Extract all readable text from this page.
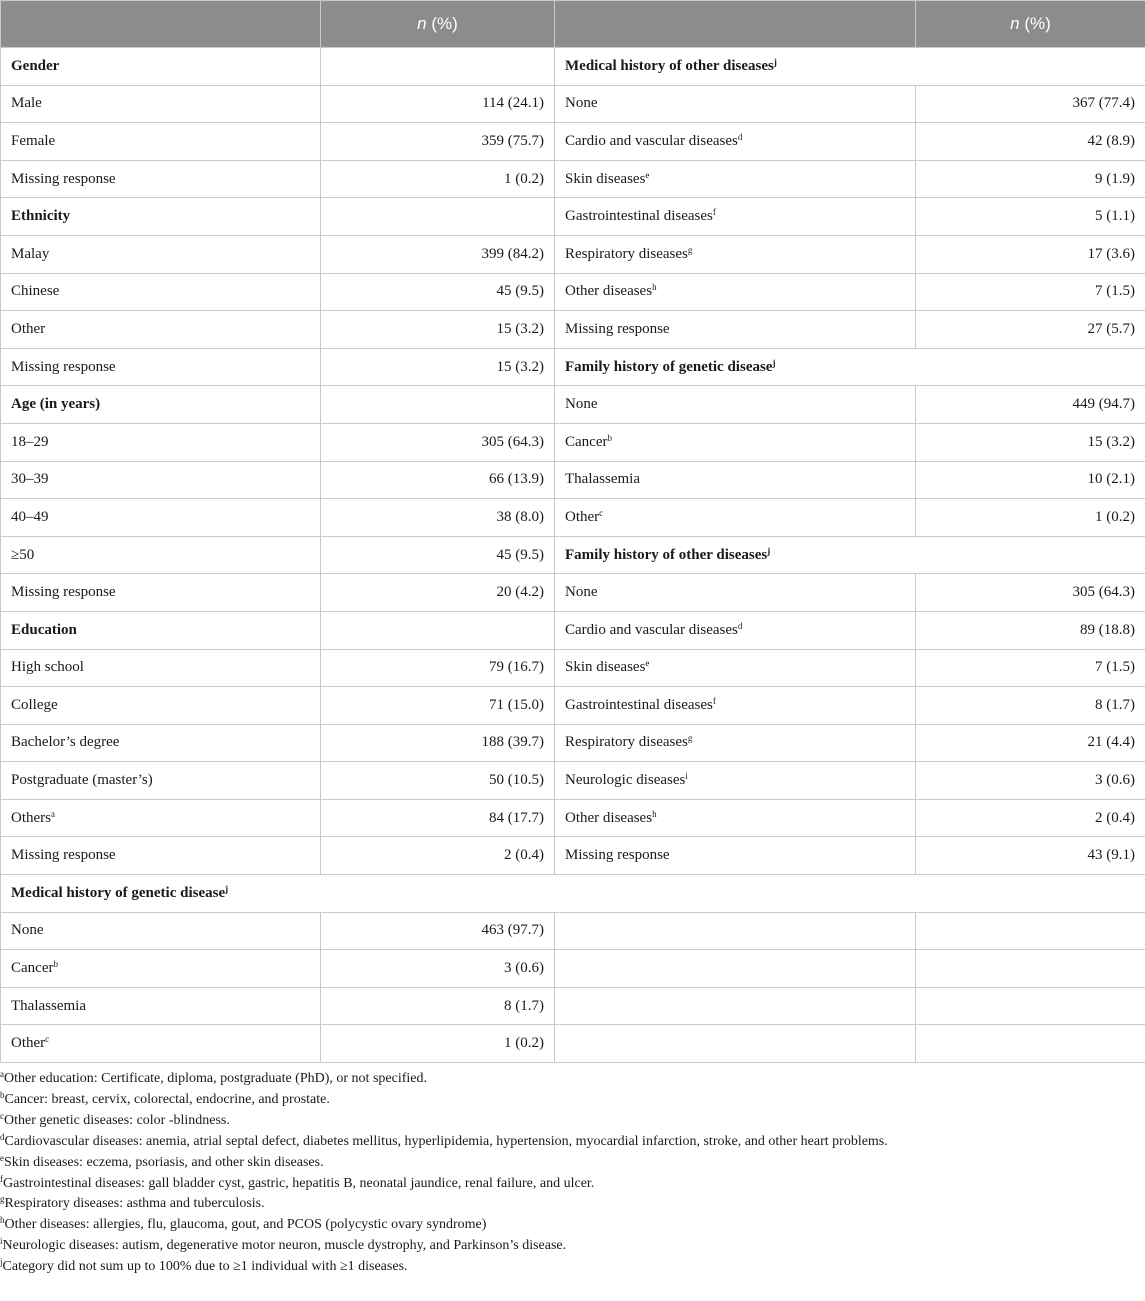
	n (%)		n (%)
Gender		Medical history of other diseases$^j$
Male	114 (24.1)	None	367 (77.4)
Female	359 (75.7)	Cardio and vascular diseases$^d$	42 (8.9)
Missing response	1 (0.2)	Skin diseases$^e$	9 (1.9)
Ethnicity		Gastrointestinal diseases$^f$	5 (1.1)
Malay	399 (84.2)	Respiratory diseases$^g$	17 (3.6)
Chinese	45 (9.5)	Other diseases$^h$	7 (1.5)
Other	15 (3.2)	Missing response	27 (5.7)
Missing response	15 (3.2)	Family history of genetic disease$^j$
Age (in years)		None	449 (94.7)
18–29	305 (64.3)	Cancer$^b$	15 (3.2)
30–39	66 (13.9)	Thalassemia	10 (2.1)
40–49	38 (8.0)	Other$^c$	1 (0.2)
≥50	45 (9.5)	Family history of other diseases$^j$
Missing response	20 (4.2)	None	305 (64.3)
Education		Cardio and vascular diseases$^d$	89 (18.8)
High school	79 (16.7)	Skin diseases$^e$	7 (1.5)
College	71 (15.0)	Gastrointestinal diseases$^f$	8 (1.7)
Bachelor’s degree	188 (39.7)	Respiratory diseases$^g$	21 (4.4)
Postgraduate (master’s)	50 (10.5)	Neurologic diseases$^i$	3 (0.6)
Others$^a$	84 (17.7)	Other diseases$^h$	2 (0.4)
Missing response	2 (0.4)	Missing response	43 (9.1)
Medical history of genetic disease$^j$
None	463 (97.7)		
Cancer$^b$	3 (0.6)		
Thalassemia	8 (1.7)		
Other$^c$	1 (0.2)		
$^a$Other education: Certificate, diploma, postgraduate (PhD), or not specified.
$^b$Cancer: breast, cervix, colorectal, endocrine, and prostate.
$^c$Other genetic diseases: color -blindness.
$^d$Cardiovascular diseases: anemia, atrial septal defect, diabetes mellitus, hyperlipidemia, hypertension, myocardial infarction, stroke, and other heart problems.
$^e$Skin diseases: eczema, psoriasis, and other skin diseases.
$^f$Gastrointestinal diseases: gall bladder cyst, gastric, hepatitis B, neonatal jaundice, renal failure, and ulcer.
$^g$Respiratory diseases: asthma and tuberculosis.
$^h$Other diseases: allergies, flu, glaucoma, gout, and PCOS (polycystic ovary syndrome)
$^i$Neurologic diseases: autism, degenerative motor neuron, muscle dystrophy, and Parkinson’s disease.
$^j$Category did not sum up to 100% due to ≥1 individual with ≥1 diseases.
